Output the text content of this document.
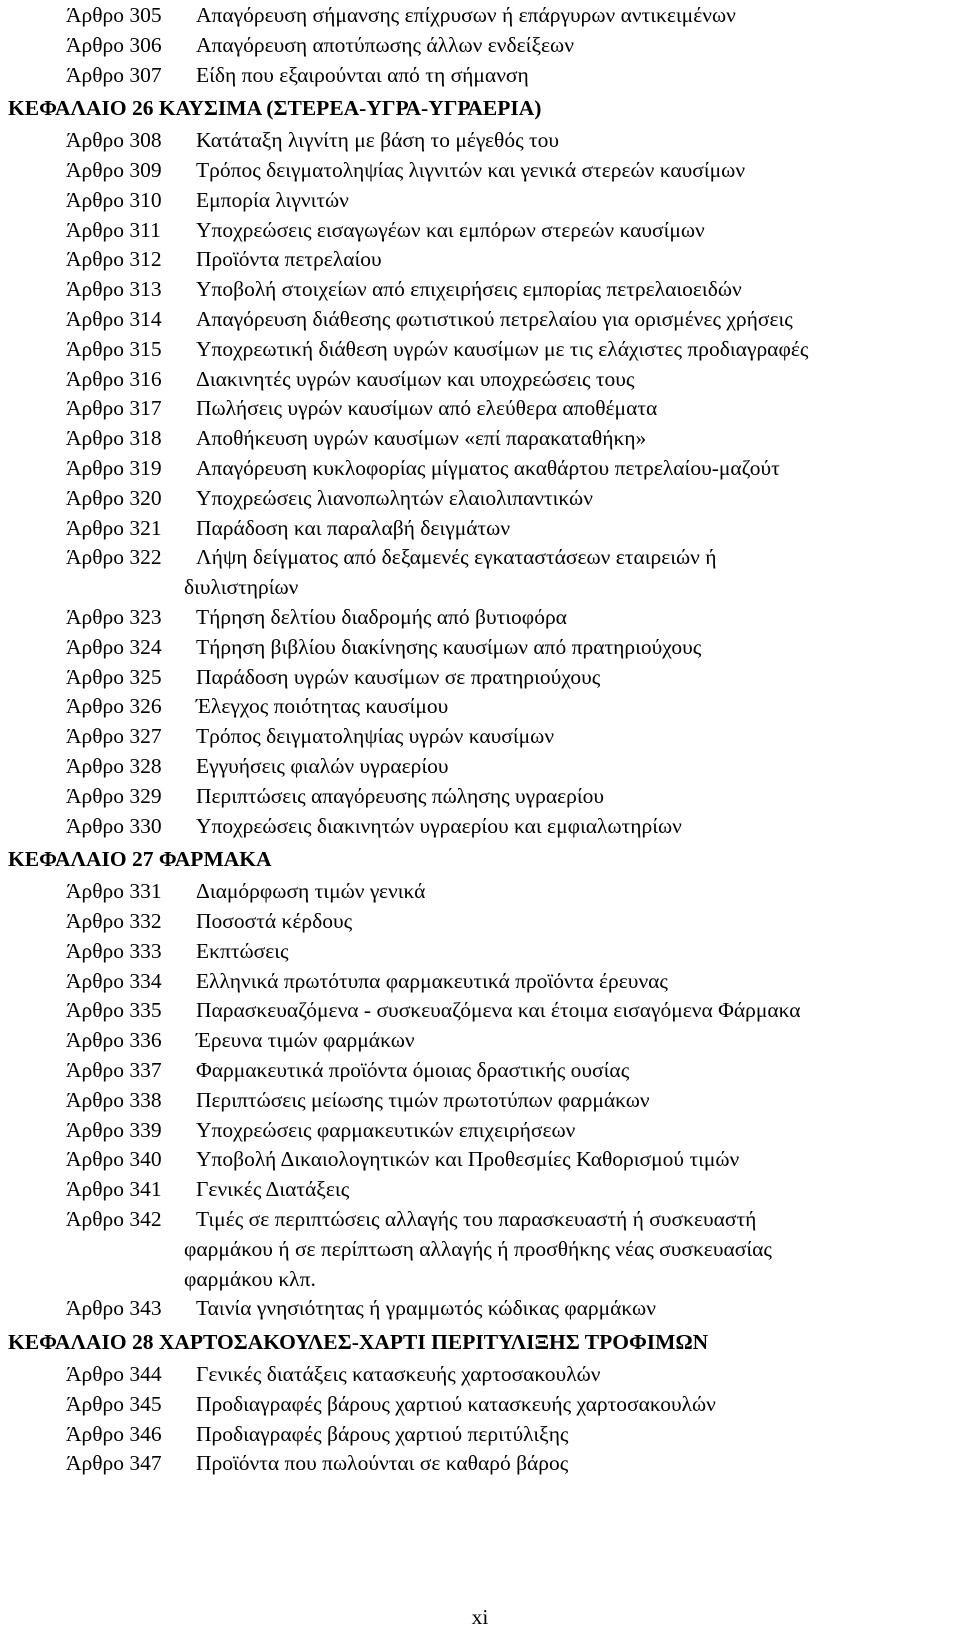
Άρθρο 305 Απαγόρευση σήμανσης επίχρυσων ή επάργυρων αντικειμένων
Άρθρο 306 Απαγόρευση αποτύπωσης άλλων ενδείξεων
Άρθρο 307 Είδη που εξαιρούνται από τη σήμανση
ΚΕΦΑΛΑΙΟ 26 ΚΑΥΣΙΜΑ (ΣΤΕΡΕΑ-ΥΓΡΑ-ΥΓΡΑΕΡΙΑ)
Άρθρο 308 Κατάταξη λιγνίτη με βάση το μέγεθός του
Άρθρο 309 Τρόπος δειγματοληψίας λιγνιτών και γενικά στερεών καυσίμων
Άρθρο 310 Εμπορία λιγνιτών
Άρθρο 311 Υποχρεώσεις εισαγωγέων και εμπόρων στερεών καυσίμων
Άρθρο 312 Προϊόντα πετρελαίου
Άρθρο 313 Υποβολή στοιχείων από επιχειρήσεις εμπορίας πετρελαιοειδών
Άρθρο 314 Απαγόρευση διάθεσης φωτιστικού πετρελαίου για ορισμένες χρήσεις
Άρθρο 315 Υποχρεωτική διάθεση υγρών καυσίμων με τις ελάχιστες προδιαγραφές
Άρθρο 316 Διακινητές υγρών καυσίμων και υποχρεώσεις τους
Άρθρο 317 Πωλήσεις υγρών καυσίμων από ελεύθερα αποθέματα
Άρθρο 318 Αποθήκευση υγρών καυσίμων «επί παρακαταθήκη»
Άρθρο 319 Απαγόρευση κυκλοφορίας μίγματος ακαθάρτου πετρελαίου-μαζούτ
Άρθρο 320 Υποχρεώσεις λιανοπωλητών ελαιολιπαντικών
Άρθρο 321 Παράδοση και παραλαβή δειγμάτων
Άρθρο 322 Λήψη δείγματος από δεξαμενές εγκαταστάσεων εταιρειών ή
διυλιστηρίων
Άρθρο 323 Τήρηση δελτίου διαδρομής από βυτιοφόρα
Άρθρο 324 Τήρηση βιβλίου διακίνησης καυσίμων από πρατηριούχους
Άρθρο 325 Παράδοση υγρών καυσίμων σε πρατηριούχους
Άρθρο 326 Έλεγχος ποιότητας καυσίμου
Άρθρο 327 Τρόπος δειγματοληψίας υγρών καυσίμων
Άρθρο 328 Εγγυήσεις φιαλών υγραερίου
Άρθρο 329 Περιπτώσεις απαγόρευσης πώλησης υγραερίου
Άρθρο 330 Υποχρεώσεις διακινητών υγραερίου και εμφιαλωτηρίων
ΚΕΦΑΛΑΙΟ 27 ΦΑΡΜΑΚΑ
Άρθρο 331 Διαμόρφωση τιμών γενικά
Άρθρο 332 Ποσοστά κέρδους
Άρθρο 333 Εκπτώσεις
Άρθρο 334 Ελληνικά πρωτότυπα φαρμακευτικά προϊόντα έρευνας
Άρθρο 335 Παρασκευαζόμενα - συσκευαζόμενα και έτοιμα εισαγόμενα Φάρμακα
Άρθρο 336 Έρευνα τιμών φαρμάκων
Άρθρο 337 Φαρμακευτικά προϊόντα όμοιας δραστικής ουσίας
Άρθρο 338 Περιπτώσεις μείωσης τιμών πρωτοτύπων φαρμάκων
Άρθρο 339 Υποχρεώσεις φαρμακευτικών επιχειρήσεων
Άρθρο 340 Υποβολή Δικαιολογητικών και Προθεσμίες Καθορισμού τιμών
Άρθρο 341 Γενικές Διατάξεις
Άρθρο 342 Τιμές σε περιπτώσεις αλλαγής του παρασκευαστή ή συσκευαστή
φαρμάκου ή σε περίπτωση αλλαγής ή προσθήκης νέας συσκευασίας
φαρμάκου κλπ.
Άρθρο 343 Ταινία γνησιότητας ή γραμμωτός κώδικας φαρμάκων
ΚΕΦΑΛΑΙΟ 28 ΧΑΡΤΟΣΑΚΟΥΛΕΣ-ΧΑΡΤΙ ΠΕΡΙΤΥΛΙΞΗΣ ΤΡΟΦΙΜΩΝ
Άρθρο 344 Γενικές διατάξεις κατασκευής χαρτοσακουλών
Άρθρο 345 Προδιαγραφές βάρους χαρτιού κατασκευής χαρτοσακουλών
Άρθρο 346 Προδιαγραφές βάρους χαρτιού περιτύλιξης
Άρθρο 347 Προϊόντα που πωλούνται σε καθαρό βάρος
xi
